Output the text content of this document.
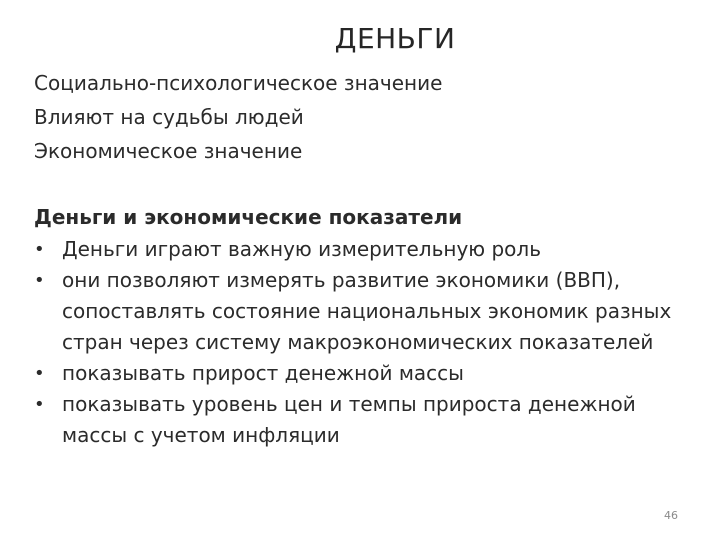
ДЕНЬГИ
Социально-психологическое значение
Влияют на судьбы людей
Экономическое значение
Деньги и экономические показатели
• Деньги играют важную измерительную роль
• они позволяют измерять развитие экономики (ВВП), сопоставлять состояние национальных экономик разных стран через систему макроэкономических показателей
• показывать прирост денежной массы
• показывать уровень цен и темпы прироста денежной массы с учетом инфляции
46
